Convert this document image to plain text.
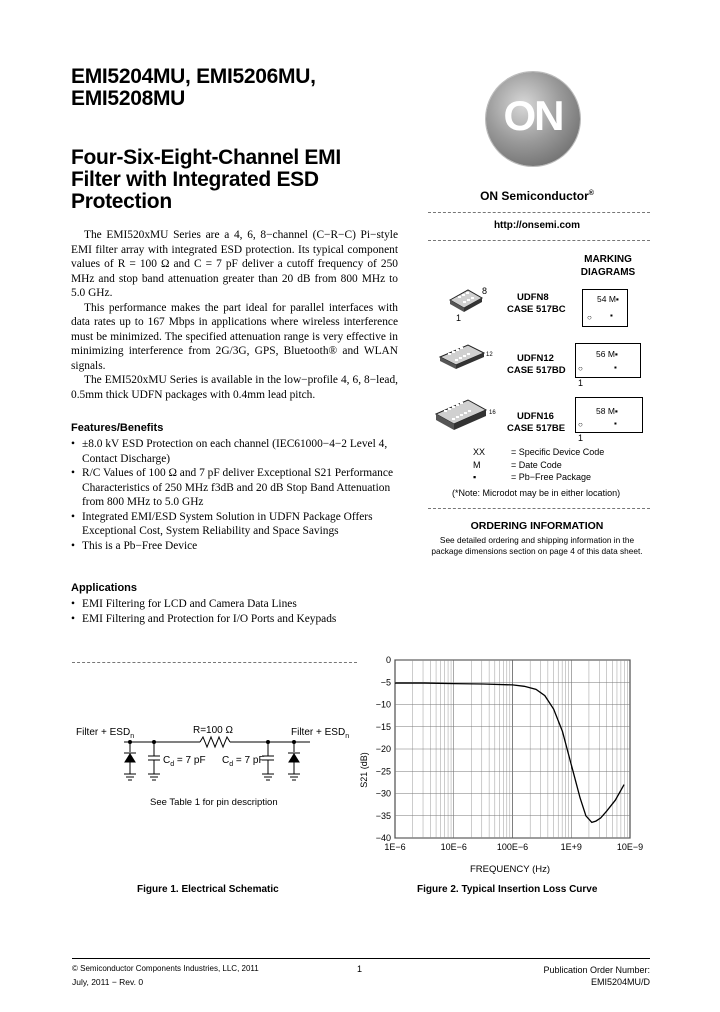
EMI5204MU, EMI5206MU,
EMI5208MU
Four-Six-Eight-Channel EMI
Filter with Integrated ESD
Protection
ON
ON Semiconductor®
http://onsemi.com
The EMI520xMU Series are a 4, 6, 8−channel (C−R−C) Pi−style EMI filter array with integrated ESD protection. Its typical component values of R = 100 Ω and C = 7 pF deliver a cutoff frequency of 250 MHz and stop band attenuation greater than 20 dB from 800 MHz to 5.0 GHz.
This performance makes the part ideal for parallel interfaces with data rates up to 167 Mbps in applications where wireless interference must be minimized. The specified attenuation range is very effective in minimizing interference from 2G/3G, GPS, Bluetooth® and WLAN signals.
The EMI520xMU Series is available in the low−profile 4, 6, 8−lead, 0.5mm thick UDFN packages with 0.4mm lead pitch.
Features/Benefits
• ±8.0 kV ESD Protection on each channel (IEC61000−4−2 Level 4, Contact Discharge)
• R/C Values of 100 Ω and 7 pF deliver Exceptional S21 Performance Characteristics of 250 MHz f3dB and 20 dB Stop Band Attenuation from 800 MHz to 5.0 GHz
• Integrated EMI/ESD System Solution in UDFN Package Offers Exceptional Cost, System Reliability and Space Savings
• This is a Pb−Free Device
Applications
• EMI Filtering for LCD and Camera Data Lines
• EMI Filtering and Protection for I/O Ports and Keypads
MARKING
DIAGRAMS
8
1
UDFN8
CASE 517BC
54 M▪
○ ▪
12	UDFN12
CASE 517BD
56 M▪
○	▪
1
16	UDFN16
CASE 517BE
58 M▪
○	▪
1
XX	= Specific Device Code
M	= Date Code
▪	= Pb−Free Package
(*Note: Microdot may be in either location)
ORDERING INFORMATION
See detailed ordering and shipping information in the package dimensions section on page 4 of this data sheet.
Filter + $ESD_n$	Filter + $ESD_n$
R=100 Ω
$C_d = 7$ pF $C_d = 7$ pF
See Table 1 for pin description
Figure 1. Electrical Schematic
0
−5
−10
−15
−20
−25
−30
−35
−40
1E−6	10E−6	100E−6	1E+9	10E−9
S21 (dB)
FREQUENCY (Hz)
Figure 2. Typical Insertion Loss Curve
© Semiconductor Components Industries, LLC, 2011
July, 2011 − Rev. 0
1	Publication Order Number:
EMI5204MU/D
